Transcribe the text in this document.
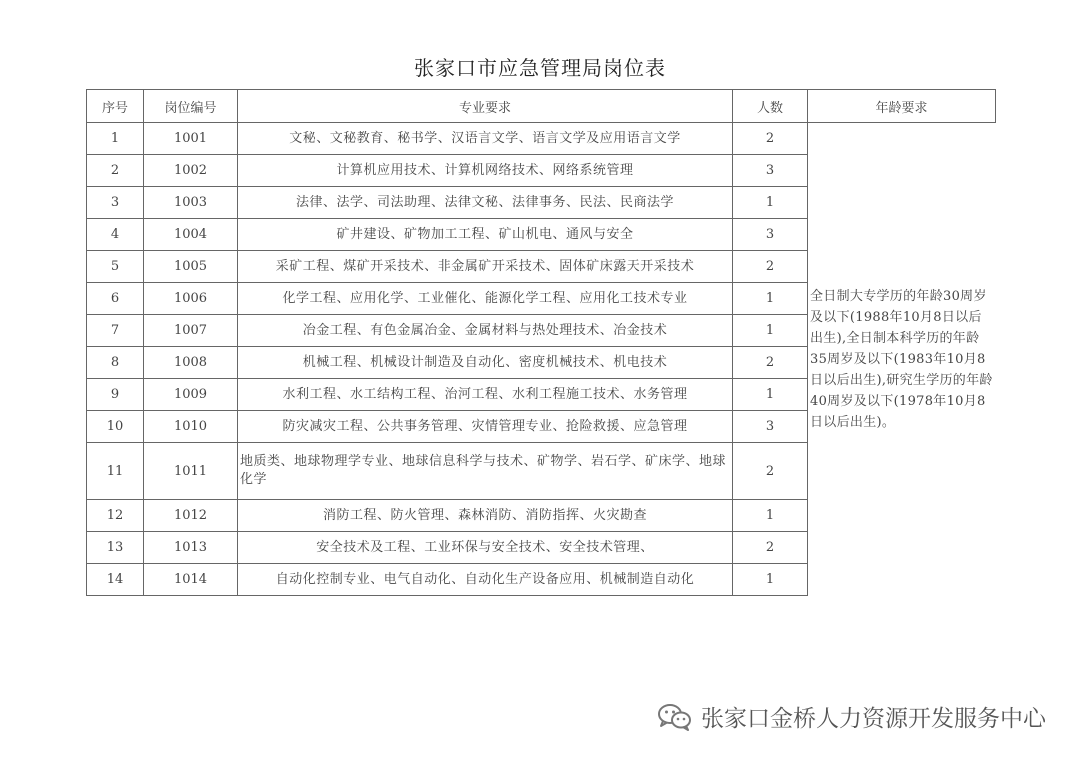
张家口市应急管理局岗位表
序号	岗位编号	专业要求	人数	年龄要求
1	1001	文秘、文秘教育、秘书学、汉语言文学、语言文学及应用语言文学	2	全日制大专学历的年龄30周岁及以下(1988年10月8日以后出生),全日制本科学历的年龄35周岁及以下(1983年10月8日以后出生),研究生学历的年龄40周岁及以下(1978年10月8日以后出生)。
2	1002	计算机应用技术、计算机网络技术、网络系统管理	3	
3	1003	法律、法学、司法助理、法律文秘、法律事务、民法、民商法学	1	
4	1004	矿井建设、矿物加工工程、矿山机电、通风与安全	3	
5	1005	采矿工程、煤矿开采技术、非金属矿开采技术、固体矿床露天开采技术	2	
6	1006	化学工程、应用化学、工业催化、能源化学工程、应用化工技术专业	1	
7	1007	冶金工程、有色金属冶金、金属材料与热处理技术、冶金技术	1	
8	1008	机械工程、机械设计制造及自动化、密度机械技术、机电技术	2	
9	1009	水利工程、水工结构工程、治河工程、水利工程施工技术、水务管理	1	
10	1010	防灾减灾工程、公共事务管理、灾情管理专业、抢险救援、应急管理	3	
11	1011	地质类、地球物理学专业、地球信息科学与技术、矿物学、岩石学、矿床学、地球化学	2	
12	1012	消防工程、防火管理、森林消防、消防指挥、火灾勘查	1	
13	1013	安全技术及工程、工业环保与安全技术、安全技术管理、	2	
14	1014	自动化控制专业、电气自动化、自动化生产设备应用、机械制造自动化	1	
张家口金桥人力资源开发服务中心
